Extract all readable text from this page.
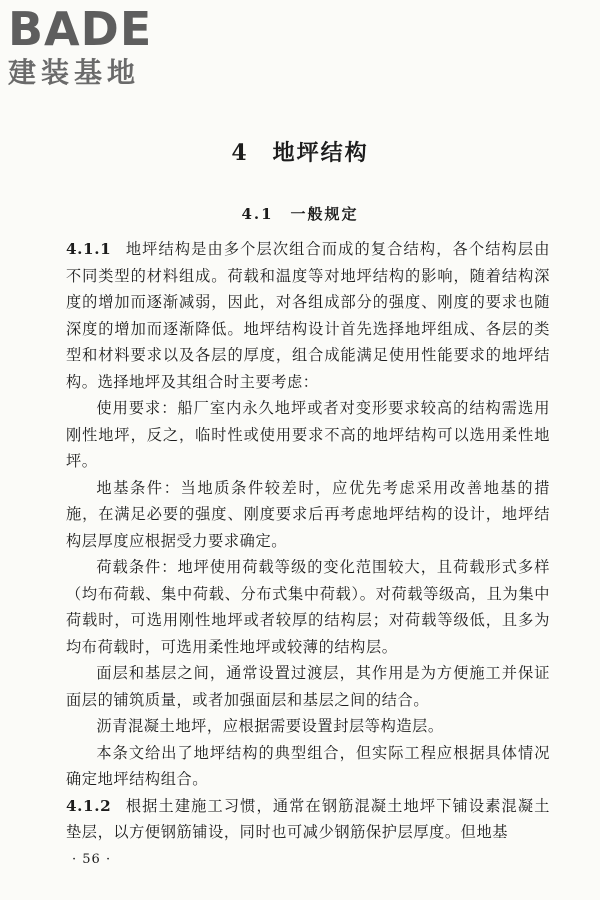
BADE
建装基地
4　地坪结构
4.1　一般规定

4.1.1 地坪结构是由多个层次组合而成的复合结构，各个结构层由不同类型的材料组成。荷载和温度等对地坪结构的影响，随着结构深度的增加而逐渐减弱，因此，对各组成部分的强度、刚度的要求也随深度的增加而逐渐降低。地坪结构设计首先选择地坪组成、各层的类型和材料要求以及各层的厚度，组合成能满足使用性能要求的地坪结构。选择地坪及其组合时主要考虑：

使用要求：船厂室内永久地坪或者对变形要求较高的结构需选用刚性地坪，反之，临时性或使用要求不高的地坪结构可以选用柔性地坪。

地基条件：当地质条件较差时，应优先考虑采用改善地基的措施，在满足必要的强度、刚度要求后再考虑地坪结构的设计，地坪结构层厚度应根据受力要求确定。

荷载条件：地坪使用荷载等级的变化范围较大，且荷载形式多样（均布荷载、集中荷载、分布式集中荷载）。对荷载等级高，且为集中荷载时，可选用刚性地坪或者较厚的结构层；对荷载等级低，且多为均布荷载时，可选用柔性地坪或较薄的结构层。

面层和基层之间，通常设置过渡层，其作用是为方便施工并保证面层的铺筑质量，或者加强面层和基层之间的结合。

沥青混凝土地坪，应根据需要设置封层等构造层。

本条文给出了地坪结构的典型组合，但实际工程应根据具体情况确定地坪结构组合。

4.1.2 根据土建施工习惯，通常在钢筋混凝土地坪下铺设素混凝土垫层，以方便钢筋铺设，同时也可减少钢筋保护层厚度。但地基

· 56 ·
